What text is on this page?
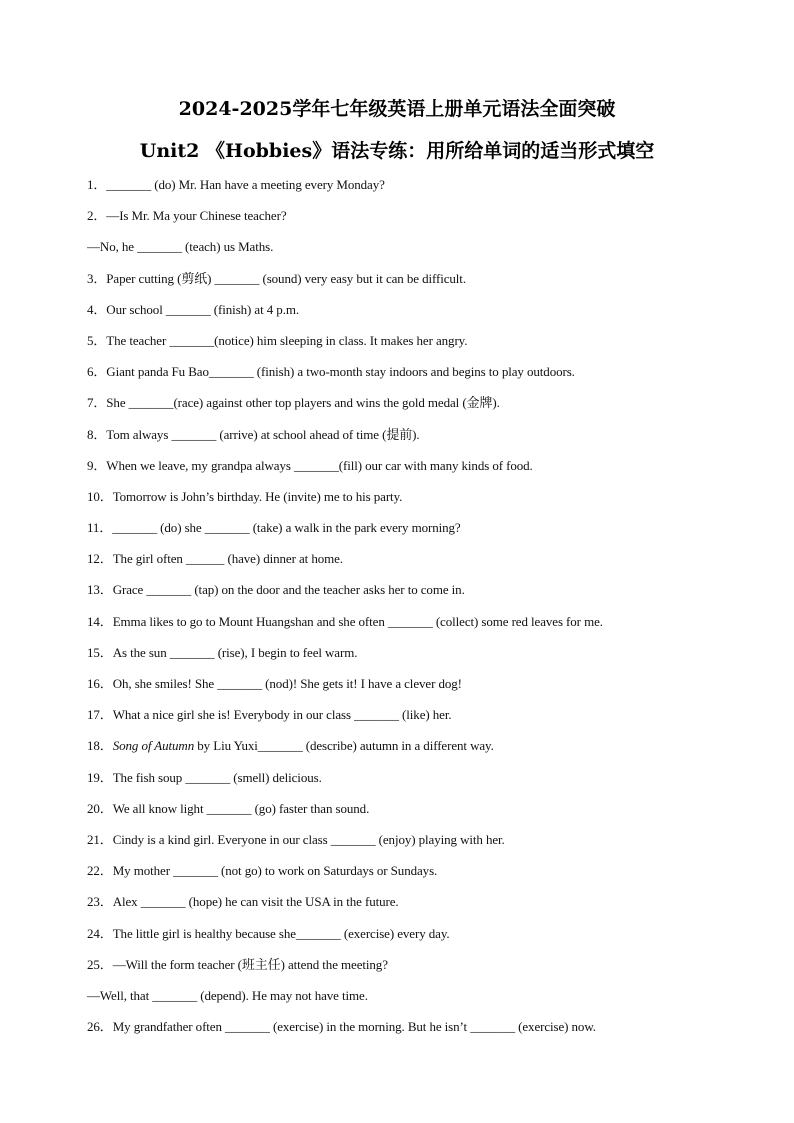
2024-2025学年七年级英语上册单元语法全面突破
Unit2 《Hobbies》语法专练：用所给单词的适当形式填空
1．_______ (do) Mr. Han have a meeting every Monday?
2．—Is Mr. Ma your Chinese teacher?
—No, he _______ (teach) us Maths.
3．Paper cutting (剪纸) _______ (sound) very easy but it can be difficult.
4．Our school _______ (finish) at 4 p.m.
5．The teacher _______(notice) him sleeping in class. It makes her angry.
6．Giant panda Fu Bao_______ (finish) a two-month stay indoors and begins to play outdoors.
7．She _______(race) against other top players and wins the gold medal (金牌).
8．Tom always _______ (arrive) at school ahead of time (提前).
9．When we leave, my grandpa always _______(fill) our car with many kinds of food.
10．Tomorrow is John’s birthday. He (invite) me to his party.
11．_______ (do) she _______ (take) a walk in the park every morning?
12．The girl often ______ (have) dinner at home.
13．Grace _______ (tap) on the door and the teacher asks her to come in.
14．Emma likes to go to Mount Huangshan and she often _______ (collect) some red leaves for me.
15．As the sun _______ (rise), I begin to feel warm.
16．Oh, she smiles! She _______ (nod)! She gets it! I have a clever dog!
17．What a nice girl she is! Everybody in our class _______ (like) her.
18．Song of Autumn by Liu Yuxi_______ (describe) autumn in a different way.
19．The fish soup _______ (smell) delicious.
20．We all know light _______ (go) faster than sound.
21．Cindy is a kind girl. Everyone in our class _______ (enjoy) playing with her.
22．My mother _______ (not go) to work on Saturdays or Sundays.
23．Alex _______ (hope) he can visit the USA in the future.
24．The little girl is healthy because she_______ (exercise) every day.
25．—Will the form teacher (班主任) attend the meeting?
—Well, that _______ (depend). He may not have time.
26．My grandfather often _______ (exercise) in the morning. But he isn’t _______ (exercise) now.
